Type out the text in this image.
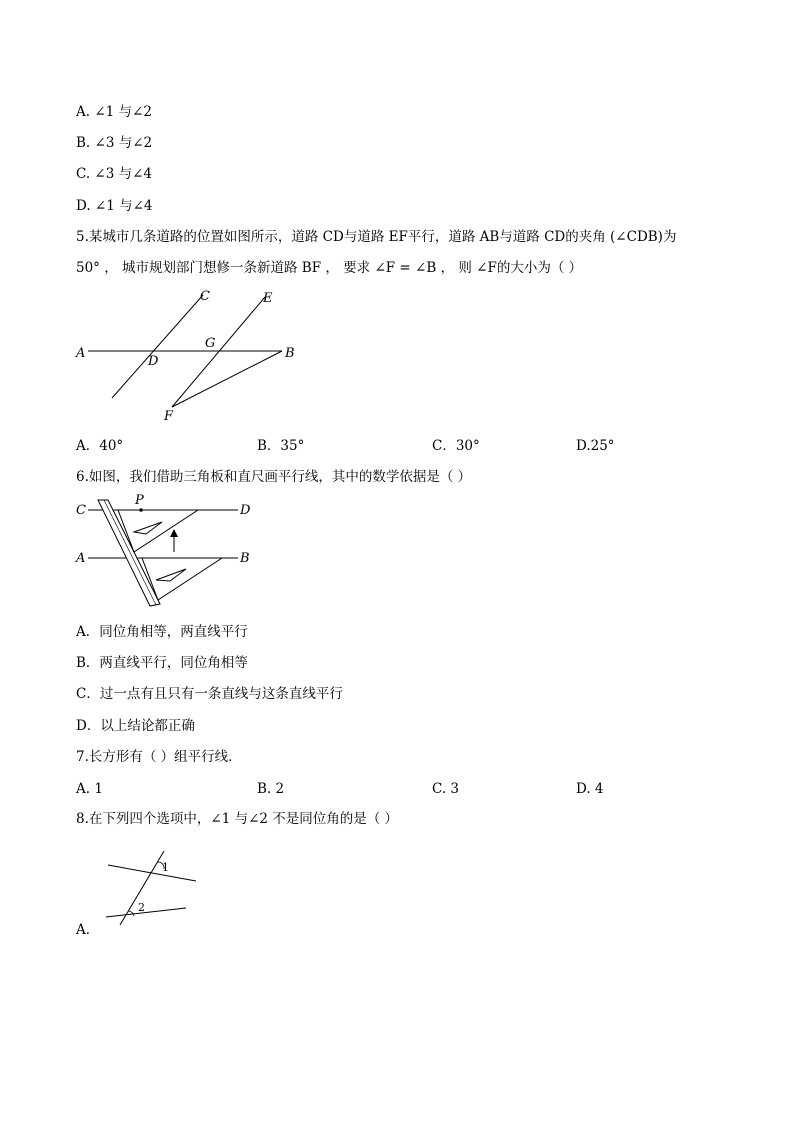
A. ∠1 与∠2
B. ∠3 与∠2
C. ∠3 与∠4
D. ∠1 与∠4
5.某城市几条道路的位置如图所示，道路 CD与道路 EF平行，道路 AB与道路 CD的夹角 (∠CDB)为
50° ， 城市规划部门想修一条新道路 BF ， 要求 ∠F = ∠B ， 则 ∠F的大小为（ ）
A	B
C
D
E
F
G
A．40°	B．35°	C．30°	D.25°
6.如图，我们借助三角板和直尺画平行线，其中的数学依据是（ ）
P
C	D
A	B
A．同位角相等，两直线平行
B．两直线平行，同位角相等
C．过一点有且只有一条直线与这条直线平行
D．以上结论都正确
7.长方形有（ ）组平行线．
A. 1	B. 2	C. 3	D. 4
8.在下列四个选项中，∠1 与∠2 不是同位角的是（ ）
1
2
A．
